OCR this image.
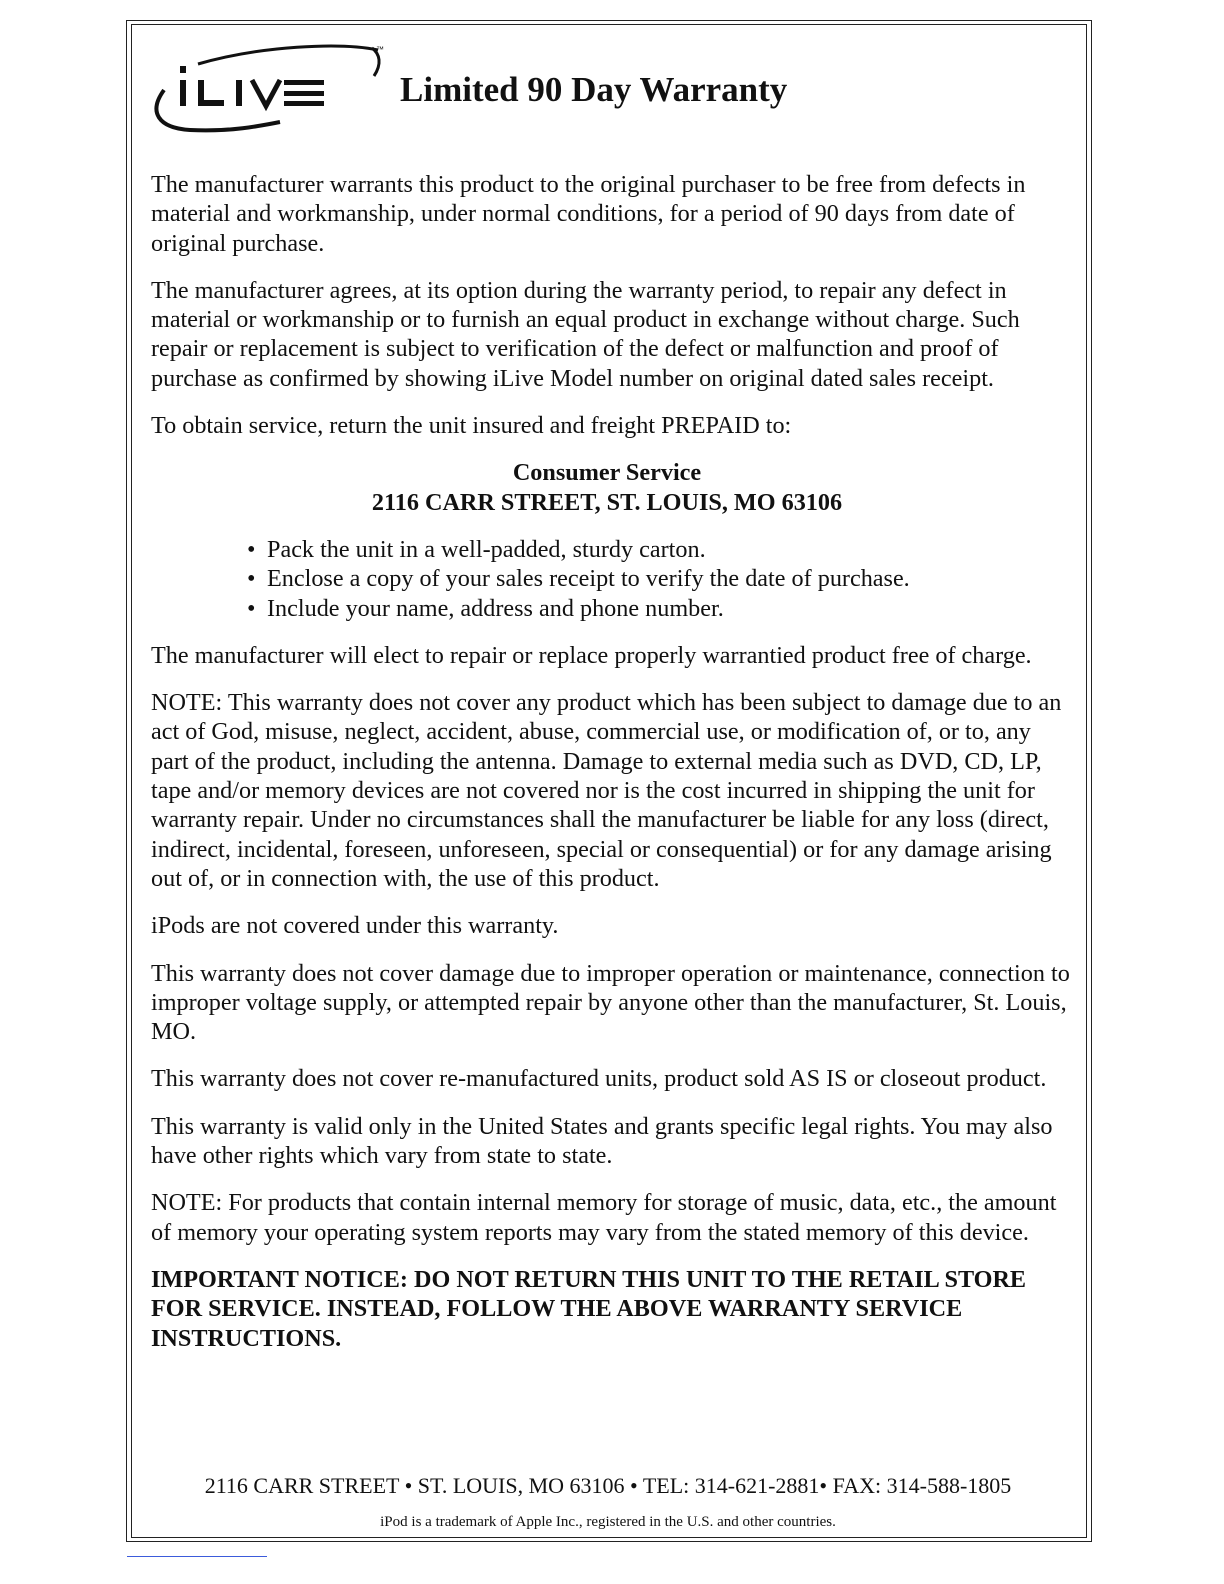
™
Limited 90 Day Warranty

The manufacturer warrants this product to the original purchaser to be free from defects in material and workmanship, under normal conditions, for a period of 90 days from date of original purchase.

The manufacturer agrees, at its option during the warranty period, to repair any defect in material or workmanship or to furnish an equal product in exchange without charge. Such repair or replacement is subject to verification of the defect or malfunction and proof of purchase as confirmed by showing iLive Model number on original dated sales receipt.

To obtain service, return the unit insured and freight PREPAID to:

Consumer Service
2116 CARR STREET, ST. LOUIS, MO 63106
• Pack the unit in a well-padded, sturdy carton.
• Enclose a copy of your sales receipt to verify the date of purchase.
• Include your name, address and phone number.

The manufacturer will elect to repair or replace properly warrantied product free of charge.

NOTE: This warranty does not cover any product which has been subject to damage due to an act of God, misuse, neglect, accident, abuse, commercial use, or modification of, or to, any part of the product, including the antenna. Damage to external media such as DVD, CD, LP, tape and/or memory devices are not covered nor is the cost incurred in shipping the unit for warranty repair. Under no circumstances shall the manufacturer be liable for any loss (direct, indirect, incidental, foreseen, unforeseen, special or consequential) or for any damage arising out of, or in connection with, the use of this product.

iPods are not covered under this warranty.

This warranty does not cover damage due to improper operation or maintenance, connection to improper voltage supply, or attempted repair by anyone other than the manufacturer, St. Louis, MO.

This warranty does not cover re-manufactured units, product sold AS IS or closeout product.

This warranty is valid only in the United States and grants specific legal rights. You may also have other rights which vary from state to state.

NOTE: For products that contain internal memory for storage of music, data, etc., the amount of memory your operating system reports may vary from the stated memory of this device.

IMPORTANT NOTICE: DO NOT RETURN THIS UNIT TO THE RETAIL STORE FOR SERVICE. INSTEAD, FOLLOW THE ABOVE WARRANTY SERVICE INSTRUCTIONS.

2116 CARR STREET • ST. LOUIS, MO 63106 • TEL: 314-621-2881• FAX: 314-588-1805
iPod is a trademark of Apple Inc., registered in the U.S. and other countries.
